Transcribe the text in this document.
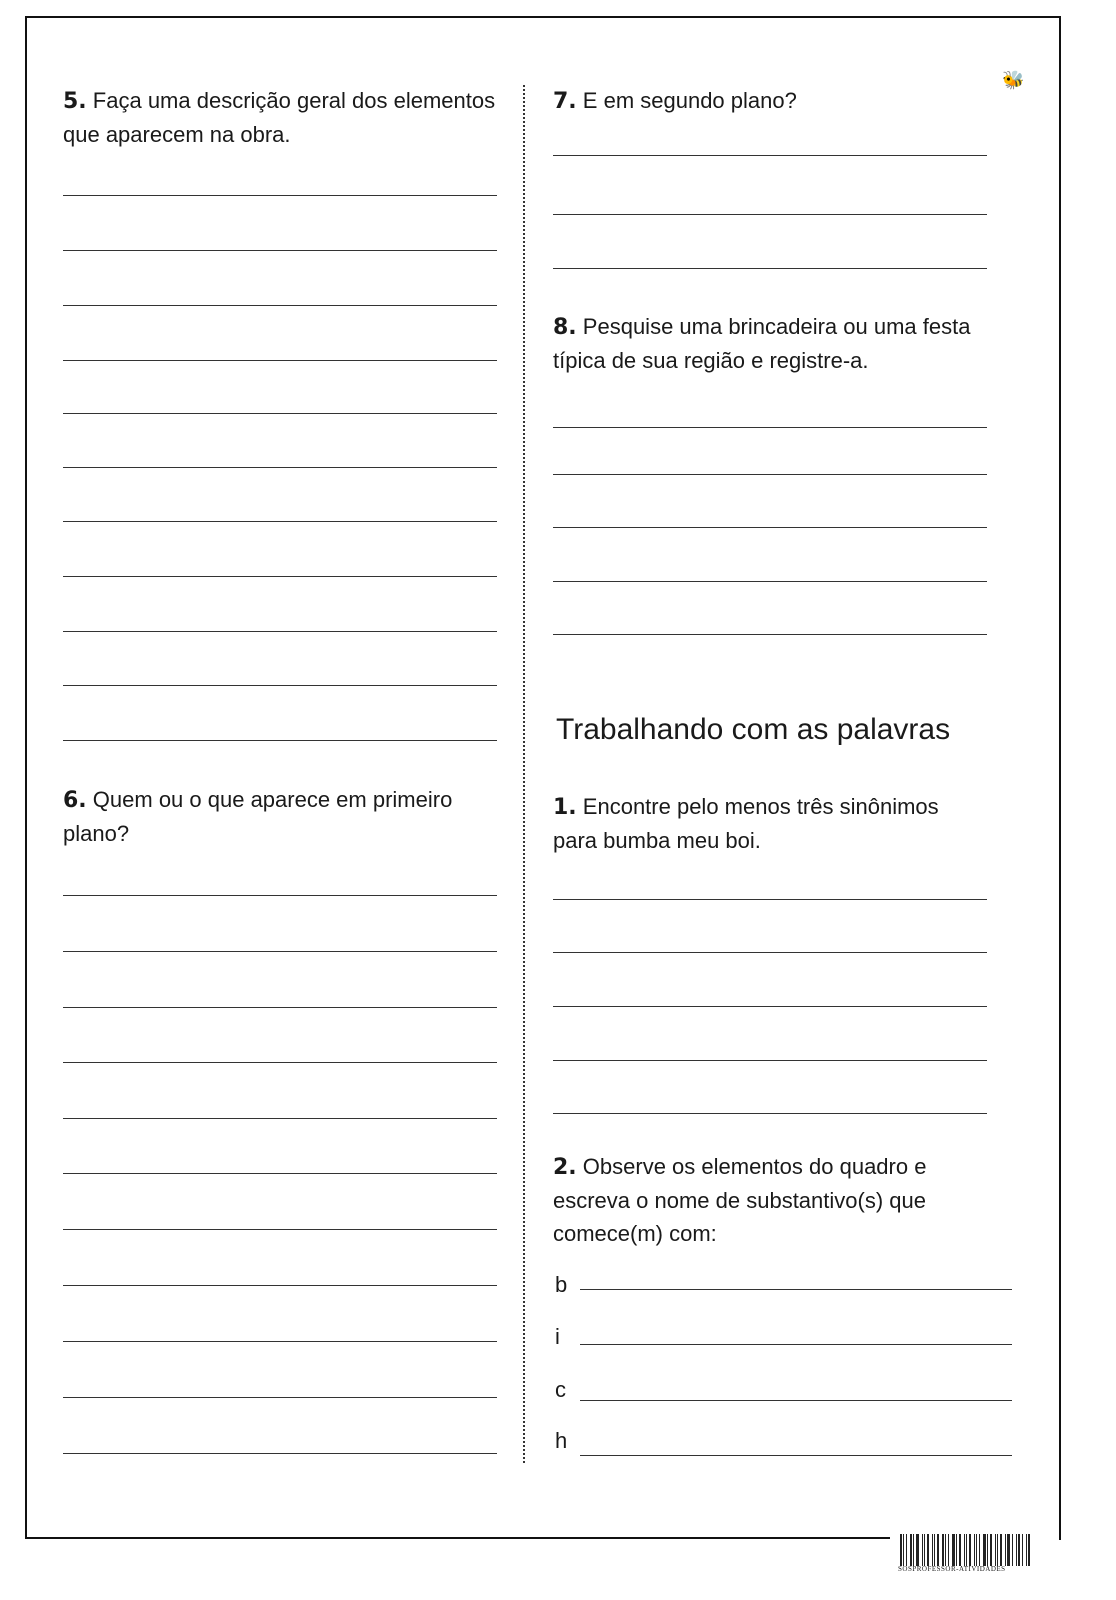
🐝
5. Faça uma descrição geral dos elementos que aparecem na obra.
6. Quem ou o que aparece em primeiro plano?
7. E em segundo plano?
8. Pesquise uma brincadeira ou uma festa típica de sua região e registre-a.
Trabalhando com as palavras
1. Encontre pelo menos três sinônimos para bumba meu boi.
2. Observe os elementos do quadro e escreva o nome de substantivo(s) que comece(m) com:
b
i
c
h
SOSPROFESSOR-ATIVIDADES
